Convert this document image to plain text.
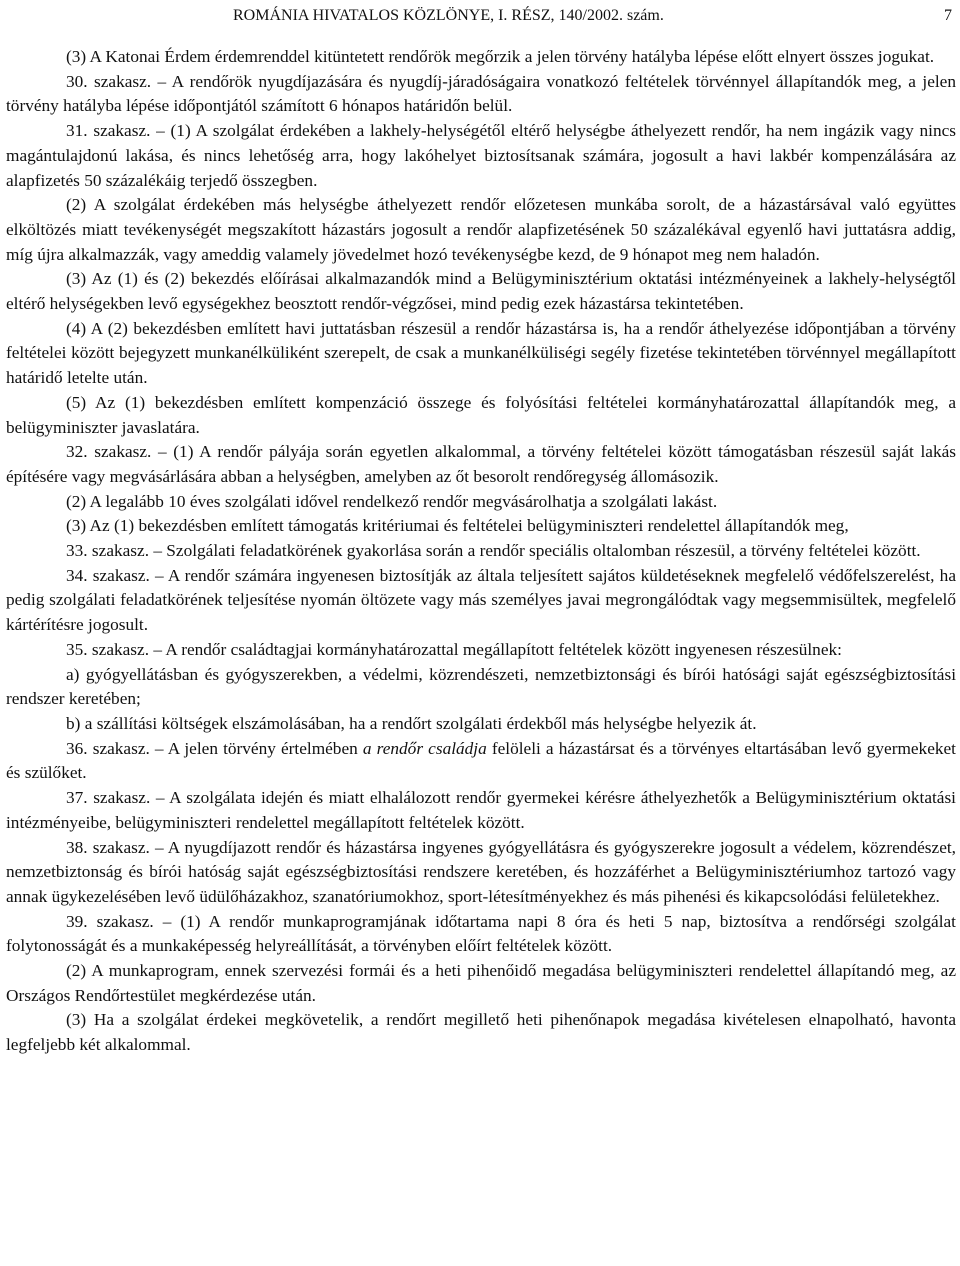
ROMÁNIA HIVATALOS KÖZLÖNYE, I. RÉSZ, 140/2002. szám.	7

(3) A Katonai Érdem érdemrenddel kitüntetett rendőrök megőrzik a jelen törvény hatályba lépése előtt elnyert összes jogukat.

30. szakasz. – A rendőrök nyugdíjazására és nyugdíj-járadóságaira vonatkozó feltételek törvénnyel állapítandók meg, a jelen törvény hatályba lépése időpontjától számított 6 hónapos határidőn belül.

31. szakasz. – (1) A szolgálat érdekében a lakhely-helységétől eltérő helységbe áthelyezett rendőr, ha nem ingázik vagy nincs magántulajdonú lakása, és nincs lehetőség arra, hogy lakóhelyet biztosítsanak számára, jogosult a havi lakbér kompenzálására az alapfizetés 50 százalékáig terjedő összegben.

(2) A szolgálat érdekében más helységbe áthelyezett rendőr előzetesen munkába sorolt, de a házastársával való együttes elköltözés miatt tevékenységét megszakított házastárs jogosult a rendőr alapfizetésének 50 százalékával egyenlő havi juttatásra addig, míg újra alkalmazzák, vagy ameddig valamely jövedelmet hozó tevékenységbe kezd, de 9 hónapot meg nem haladón.

(3) Az (1) és (2) bekezdés előírásai alkalmazandók mind a Belügyminisztérium oktatási intézményeinek a lakhely-helységtől eltérő helységekben levő egységekhez beosztott rendőr-végzősei, mind pedig ezek házastársa tekintetében.

(4) A (2) bekezdésben említett havi juttatásban részesül a rendőr házastársa is, ha a rendőr áthelyezése időpontjában a törvény feltételei között bejegyzett munkanélküliként szerepelt, de csak a munkanélküliségi segély fizetése tekintetében törvénnyel megállapított határidő letelte után.

(5) Az (1) bekezdésben említett kompenzáció összege és folyósítási feltételei kormányhatározattal állapítandók meg, a belügyminiszter javaslatára.

32. szakasz. – (1) A rendőr pályája során egyetlen alkalommal, a törvény feltételei között támogatásban részesül saját lakás építésére vagy megvásárlására abban a helységben, amelyben az őt besorolt rendőregység állomásozik.

(2) A legalább 10 éves szolgálati idővel rendelkező rendőr megvásárolhatja a szolgálati lakást.

(3) Az (1) bekezdésben említett támogatás kritériumai és feltételei belügyminiszteri rendelettel állapítandók meg,

33. szakasz. – Szolgálati feladatkörének gyakorlása során a rendőr speciális oltalomban részesül, a törvény feltételei között.

34. szakasz. – A rendőr számára ingyenesen biztosítják az általa teljesített sajátos küldetéseknek megfelelő védőfelszerelést, ha pedig szolgálati feladatkörének teljesítése nyomán öltözete vagy más személyes javai megrongálódtak vagy megsemmisültek, megfelelő kártérítésre jogosult.

35. szakasz. – A rendőr családtagjai kormányhatározattal megállapított feltételek között ingyenesen részesülnek:

a) gyógyellátásban és gyógyszerekben, a védelmi, közrendészeti, nemzetbiztonsági és bírói hatósági saját egészségbiztosítási rendszer keretében;

b) a szállítási költségek elszámolásában, ha a rendőrt szolgálati érdekből más helységbe helyezik át.

36. szakasz. – A jelen törvény értelmében a rendőr családja felöleli a házastársat és a törvényes eltartásában levő gyermekeket és szülőket.

37. szakasz. – A szolgálata idején és miatt elhalálozott rendőr gyermekei kérésre áthelyezhetők a Belügyminisztérium oktatási intézményeibe, belügyminiszteri rendelettel megállapított feltételek között.

38. szakasz. – A nyugdíjazott rendőr és házastársa ingyenes gyógyellátásra és gyógyszerekre jogosult a védelem, közrendészet, nemzetbiztonság és bírói hatóság saját egészségbiztosítási rendszere keretében, és hozzáférhet a Belügyminisztériumhoz tartozó vagy annak ügykezelésében levő üdülőházakhoz, szanatóriumokhoz, sport-létesítményekhez és más pihenési és kikapcsolódási felületekhez.

39. szakasz. – (1) A rendőr munkaprogramjának időtartama napi 8 óra és heti 5 nap, biztosítva a rendőrségi szolgálat folytonosságát és a munkaképesség helyreállítását, a törvényben előírt feltételek között.

(2) A munkaprogram, ennek szervezési formái és a heti pihenőidő megadása belügyminiszteri rendelettel állapítandó meg, az Országos Rendőrtestület megkérdezése után.

(3) Ha a szolgálat érdekei megkövetelik, a rendőrt megillető heti pihenőnapok megadása kivételesen elnapolható, havonta legfeljebb két alkalommal.
